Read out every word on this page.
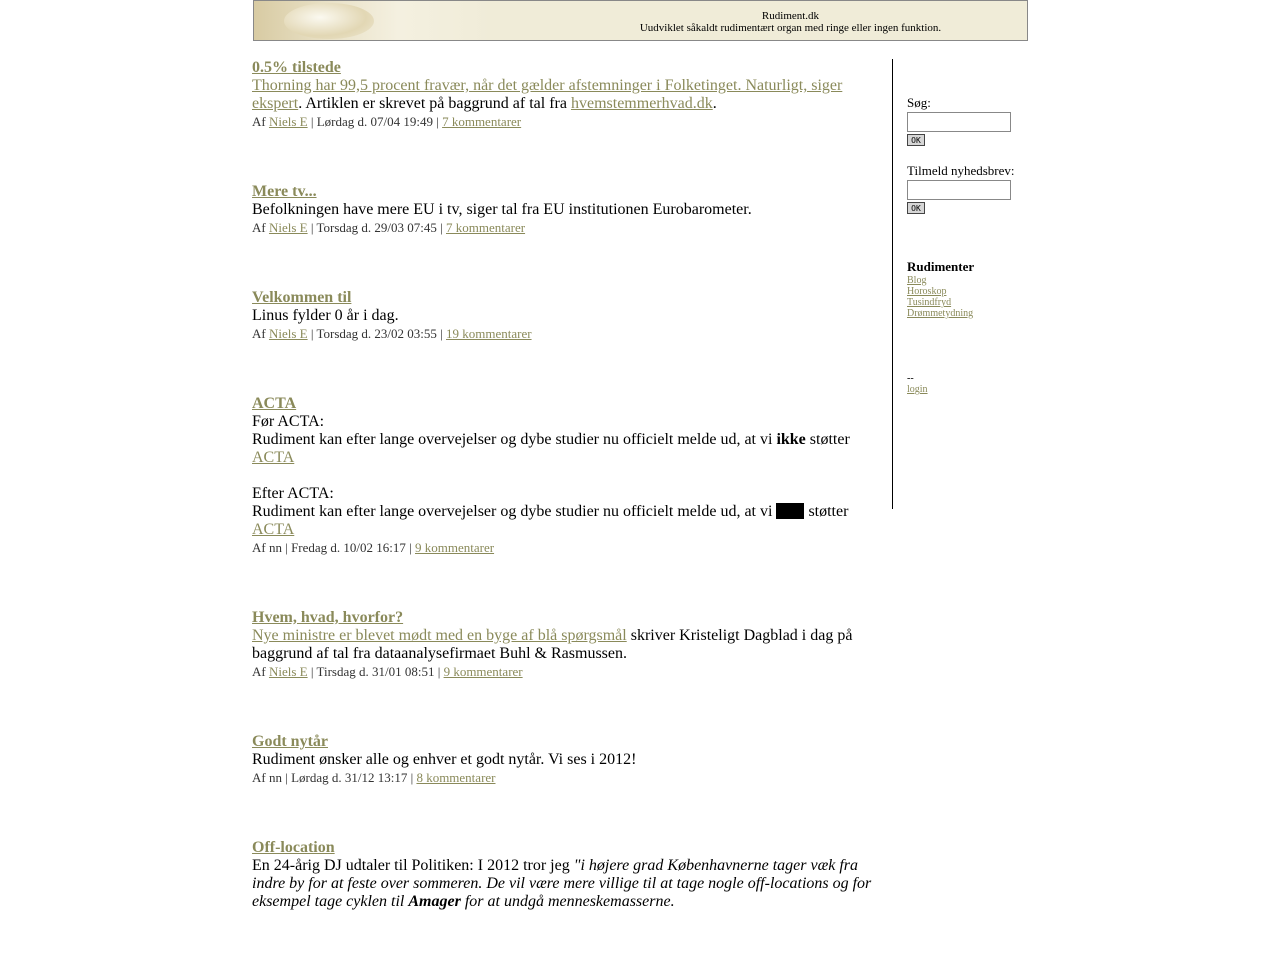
Rudiment.dk
Uudviklet såkaldt rudimentært organ med ringe eller ingen funktion.
0.5% tilstede
Thorning har 99,5 procent fravær, når det gælder afstemninger i Folketinget. Naturligt, siger ekspert. Artiklen er skrevet på baggrund af tal fra hvemstemmerhvad.dk.
Af Niels E | Lørdag d. 07/04 19:49 | 7 kommentarer
Mere tv...
Befolkningen have mere EU i tv, siger tal fra EU institutionen Eurobarometer.
Af Niels E | Torsdag d. 29/03 07:45 | 7 kommentarer
Velkommen til
Linus fylder 0 år i dag.
Af Niels E | Torsdag d. 23/02 03:55 | 19 kommentarer
ACTA
Før ACTA:
Rudiment kan efter lange overvejelser og dybe studier nu officielt melde ud, at vi ikke støtter ACTA
Efter ACTA:
Rudiment kan efter lange overvejelser og dybe studier nu officielt melde ud, at vi  støtter ACTA
Af nn | Fredag d. 10/02 16:17 | 9 kommentarer
Hvem, hvad, hvorfor?
Nye ministre er blevet mødt med en byge af blå spørgsmål skriver Kristeligt Dagblad i dag på baggrund af tal fra dataanalysefirmaet Buhl & Rasmussen.
Af Niels E | Tirsdag d. 31/01 08:51 | 9 kommentarer
Godt nytår
Rudiment ønsker alle og enhver et godt nytår. Vi ses i 2012!
Af nn | Lørdag d. 31/12 13:17 | 8 kommentarer
Off-location
En 24-årig DJ udtaler til Politiken: I 2012 tror jeg "i højere grad Københavnerne tager væk fra indre by for at feste over sommeren. De vil være mere villige til at tage nogle off-locations og for eksempel tage cyklen til Amager for at undgå menneskemasserne.
Søg:
OK
Tilmeld nyhedsbrev:
OK
Rudimenter
Blog
Horoskop
Tusindfryd
Drømmetydning
--
login
